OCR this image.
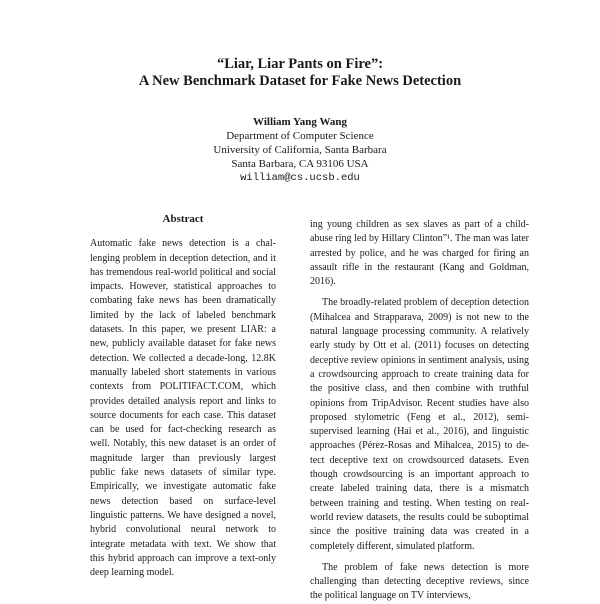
“Liar, Liar Pants on Fire”:
A New Benchmark Dataset for Fake News Detection
William Yang Wang
Department of Computer Science
University of California, Santa Barbara
Santa Barbara, CA 93106 USA
william@cs.ucsb.edu
Abstract
Automatic fake news detection is a challenging problem in deception detection, and it has tremendous real-world political and social impacts. However, statistical approaches to combating fake news has been dramatically limited by the lack of labeled benchmark datasets. In this paper, we present LIAR: a new, publicly available dataset for fake news detection. We collected a decade-long, 12.8K manually labeled short statements in various contexts from POLITIFACT.COM, which provides detailed analysis report and links to source documents for each case. This dataset can be used for fact-checking research as well. Notably, this new dataset is an order of magnitude larger than previously largest public fake news datasets of similar type. Empirically, we investigate automatic fake news detection based on surface-level linguistic patterns. We have designed a novel, hybrid convolutional neural network to integrate metadata with text. We show that this hybrid approach can improve a text-only deep learning model.
ing young children as sex slaves as part of a childabuse ring led by Hillary Clinton”¹. The man was later arrested by police, and he was charged for firing an assault rifle in the restaurant (Kang and Goldman, 2016).
The broadly-related problem of deception detection (Mihalcea and Strapparava, 2009) is not new to the natural language processing community. A relatively early study by Ott et al. (2011) focuses on detecting deceptive review opinions in sentiment analysis, using a crowdsourcing approach to create training data for the positive class, and then combine with truthful opinions from TripAdvisor. Recent studies have also proposed stylometric (Feng et al., 2012), semi-supervised learning (Hai et al., 2016), and linguistic approaches (Pérez-Rosas and Mihalcea, 2015) to detect deceptive text on crowdsourced datasets. Even though crowdsourcing is an important approach to create labeled training data, there is a mismatch between training and testing. When testing on real-world review datasets, the results could be suboptimal since the positive training data was created in a completely different, simulated platform.
The problem of fake news detection is more challenging than detecting deceptive reviews, since the political language on TV interviews,
